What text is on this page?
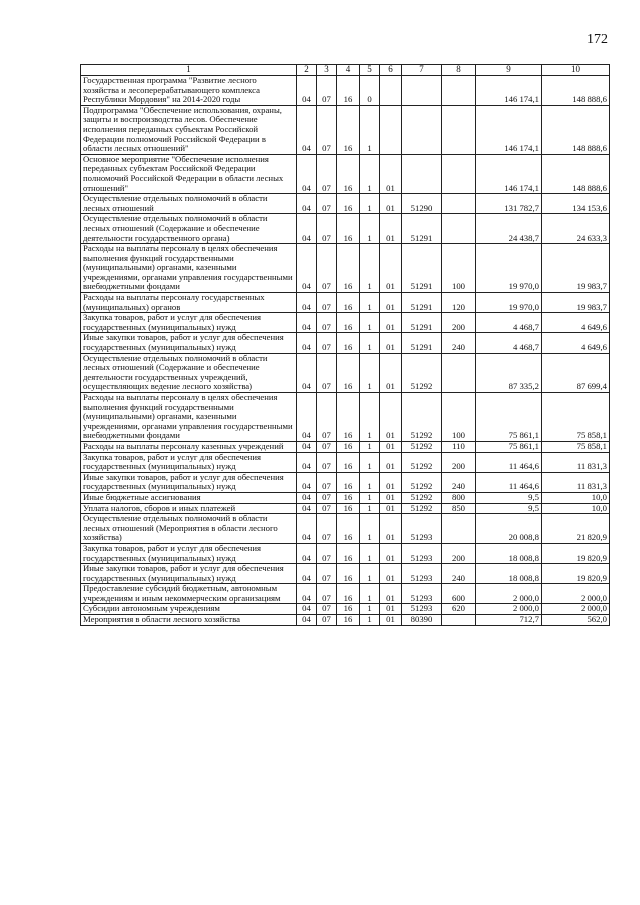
172
1	2	3	4	5	6	7	8	9	10
Государственная программа "Развитие лесного хозяйства и лесоперерабатывающего комплекса Республики Мордовия" на 2014-2020 годы	04	07	16	0				146 174,1	148 888,6
Подпрограмма "Обеспечение использования, охраны, защиты и воспроизводства лесов. Обеспечение исполнения переданных субъектам Российской Федерации полномочий Российской Федерации в области лесных отношений"	04	07	16	1				146 174,1	148 888,6
Основное мероприятие "Обеспечение исполнения переданных субъектам Российской Федерации полномочий Российской Федерации в области лесных отношений"	04	07	16	1	01			146 174,1	148 888,6
Осуществление отдельных полномочий в области лесных отношений	04	07	16	1	01	51290		131 782,7	134 153,6
Осуществление отдельных полномочий в области лесных отношений (Содержание и обеспечение деятельности государственного органа)	04	07	16	1	01	51291		24 438,7	24 633,3
Расходы на выплаты персоналу в целях обеспечения выполнения функций государственными (муниципальными) органами, казенными учреждениями, органами управления государственными внебюджетными фондами	04	07	16	1	01	51291	100	19 970,0	19 983,7
Расходы на выплаты персоналу государственных (муниципальных) органов	04	07	16	1	01	51291	120	19 970,0	19 983,7
Закупка товаров, работ и услуг для обеспечения государственных (муниципальных) нужд	04	07	16	1	01	51291	200	4 468,7	4 649,6
Иные закупки товаров, работ и услуг для обеспечения государственных (муниципальных) нужд	04	07	16	1	01	51291	240	4 468,7	4 649,6
Осуществление отдельных полномочий в области лесных отношений (Содержание и обеспечение деятельности государственных учреждений, осуществляющих ведение лесного хозяйства)	04	07	16	1	01	51292		87 335,2	87 699,4
Расходы на выплаты персоналу в целях обеспечения выполнения функций государственными (муниципальными) органами, казенными учреждениями, органами управления государственными внебюджетными фондами	04	07	16	1	01	51292	100	75 861,1	75 858,1
Расходы на выплаты персоналу казенных учреждений	04	07	16	1	01	51292	110	75 861,1	75 858,1
Закупка товаров, работ и услуг для обеспечения государственных (муниципальных) нужд	04	07	16	1	01	51292	200	11 464,6	11 831,3
Иные закупки товаров, работ и услуг для обеспечения государственных (муниципальных) нужд	04	07	16	1	01	51292	240	11 464,6	11 831,3
Иные бюджетные ассигнования	04	07	16	1	01	51292	800	9,5	10,0
Уплата налогов, сборов и иных платежей	04	07	16	1	01	51292	850	9,5	10,0
Осуществление отдельных полномочий в области лесных отношений (Мероприятия в области лесного хозяйства)	04	07	16	1	01	51293		20 008,8	21 820,9
Закупка товаров, работ и услуг для обеспечения государственных (муниципальных) нужд	04	07	16	1	01	51293	200	18 008,8	19 820,9
Иные закупки товаров, работ и услуг для обеспечения государственных (муниципальных) нужд	04	07	16	1	01	51293	240	18 008,8	19 820,9
Предоставление субсидий бюджетным, автономным учреждениям и иным некоммерческим организациям	04	07	16	1	01	51293	600	2 000,0	2 000,0
Субсидии автономным учреждениям	04	07	16	1	01	51293	620	2 000,0	2 000,0
Мероприятия в области лесного хозяйства	04	07	16	1	01	80390		712,7	562,0
